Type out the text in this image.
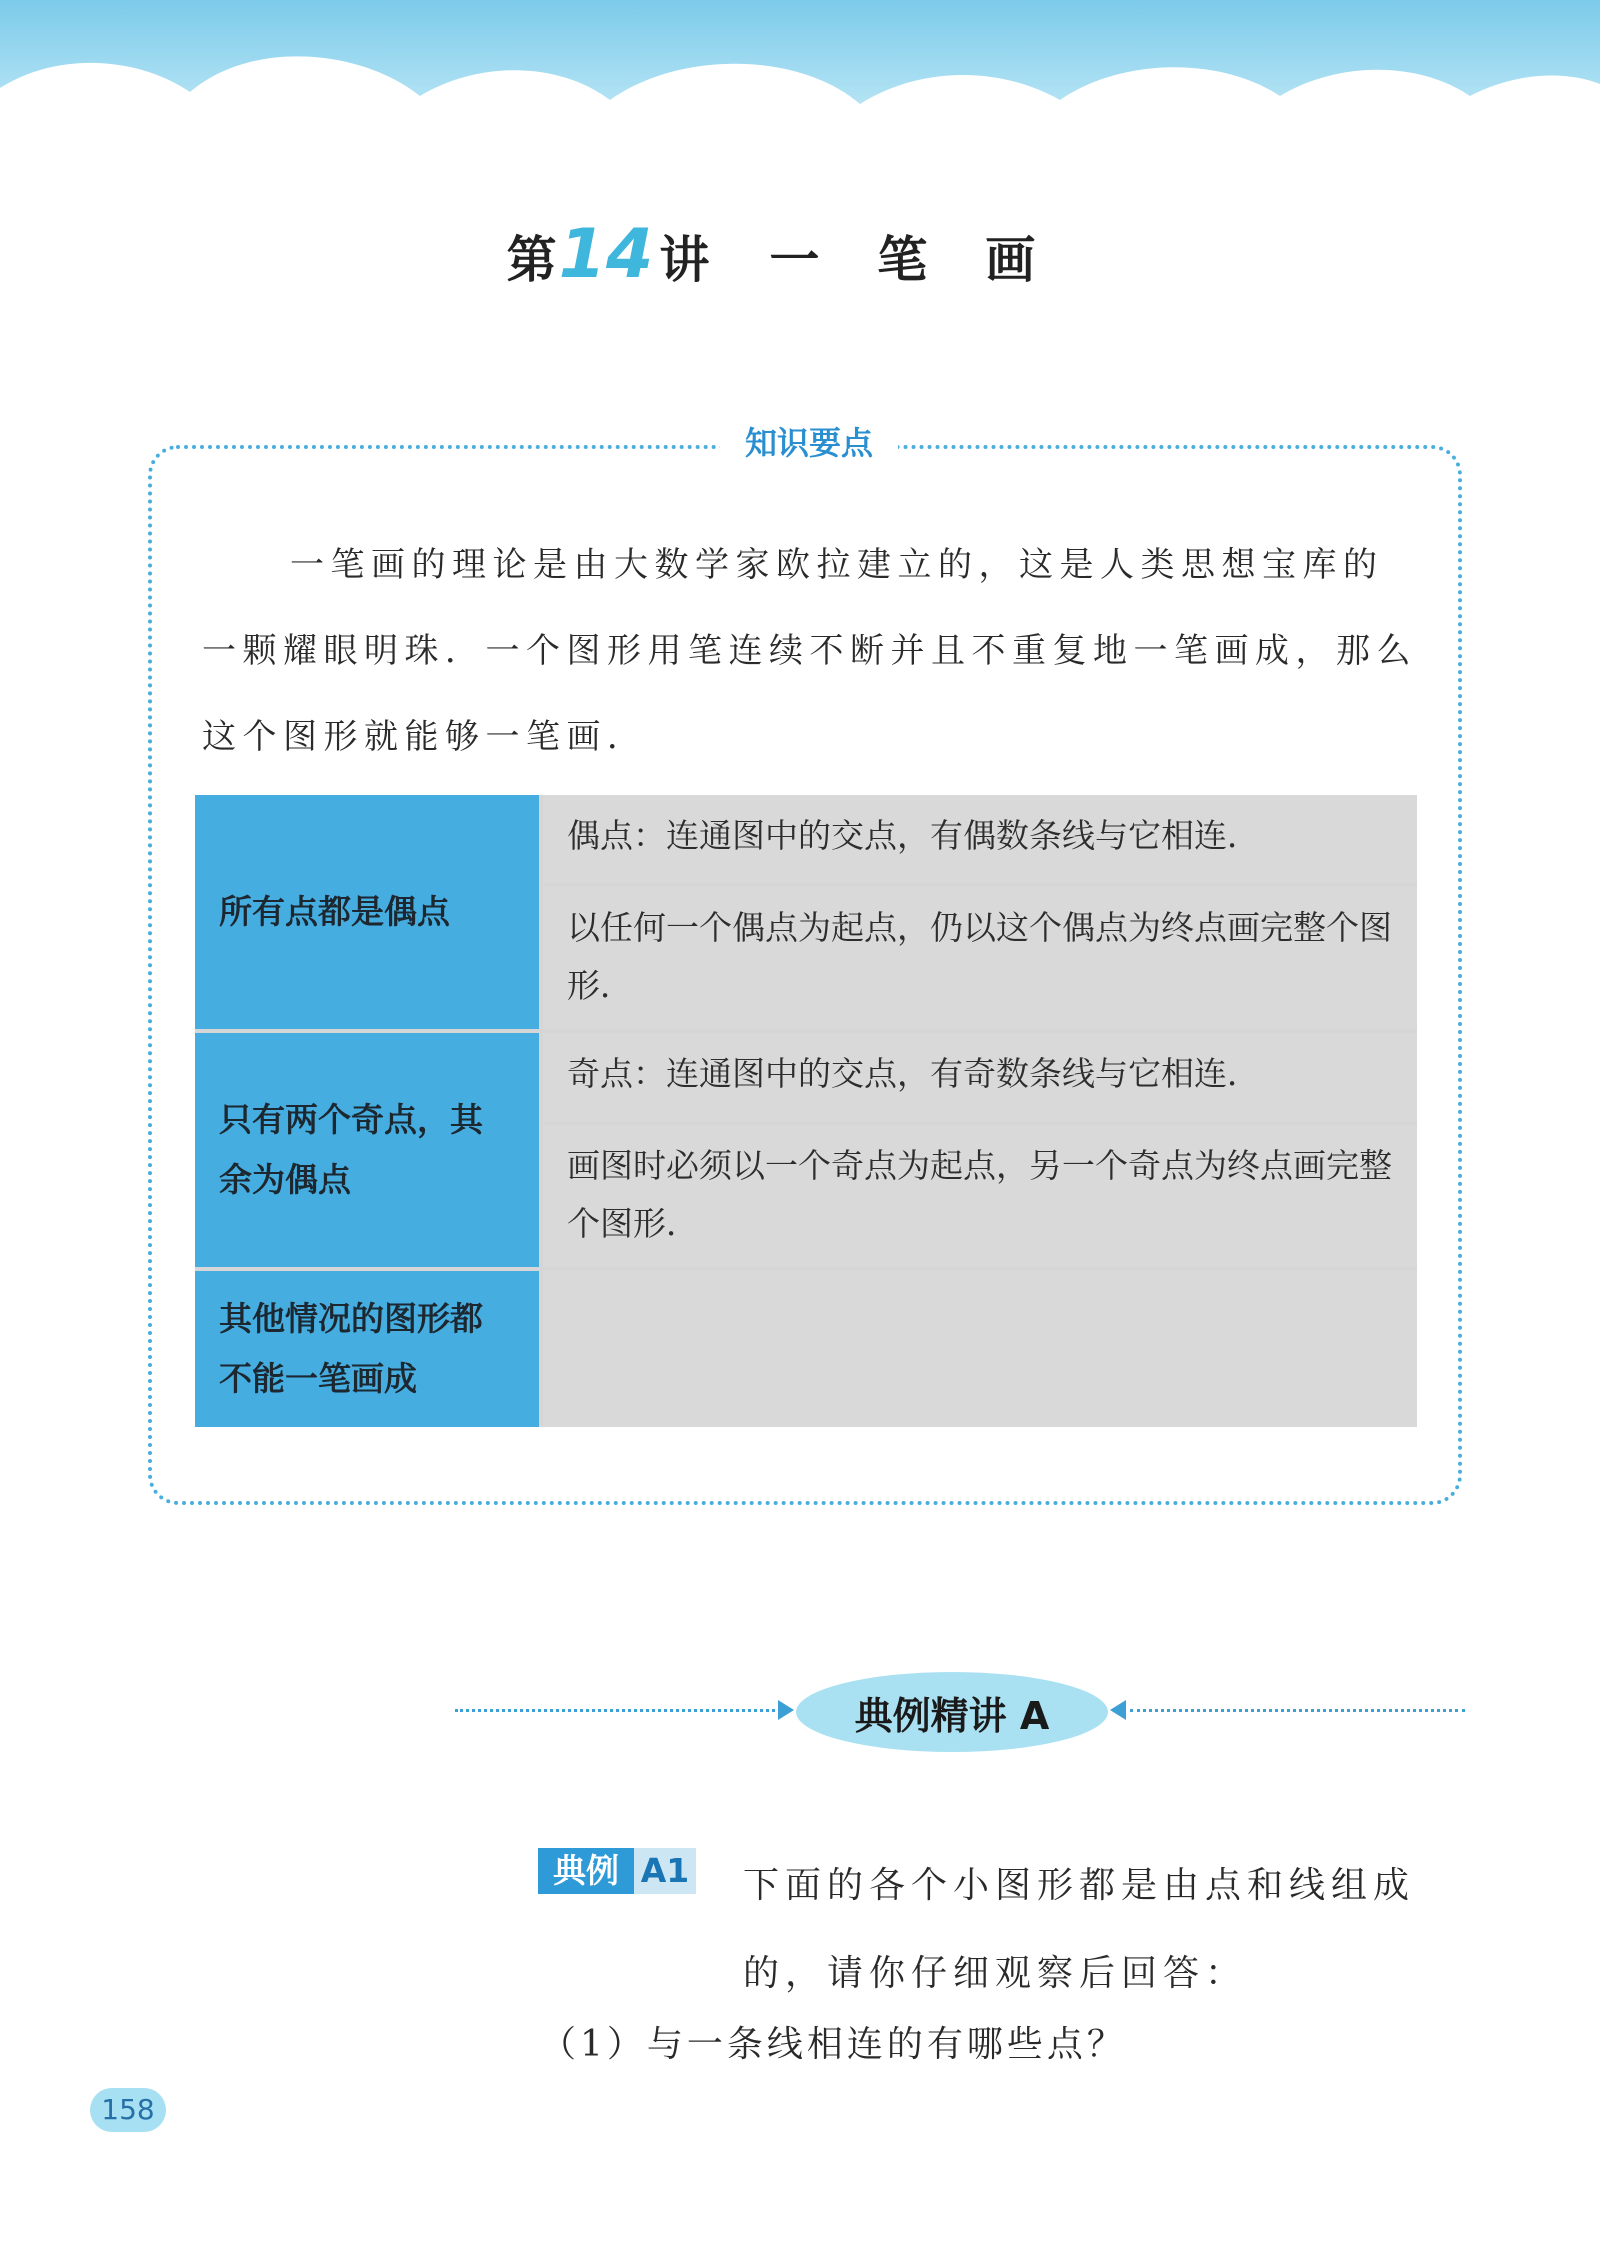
第14 讲 一笔画
知识要点

一笔画的理论是由大数学家欧拉建立的，这是人类思想宝库的一颗耀眼明珠．一个图形用笔连续不断并且不重复地一笔画成，那么这个图形就能够一笔画．

所有点都是偶点
偶点：连通图中的交点，有偶数条线与它相连．
以任何一个偶点为起点，仍以这个偶点为终点画完整个图形．
只有两个奇点，其余为偶点
奇点：连通图中的交点，有奇数条线与它相连．
画图时必须以一个奇点为起点，另一个奇点为终点画完整个图形．
其他情况的图形都不能一笔画成
典例精讲 A
典例 A1	下面的各个小图形都是由点和线组成的，请你仔细观察后回答：
（1）与一条线相连的有哪些点？
158
